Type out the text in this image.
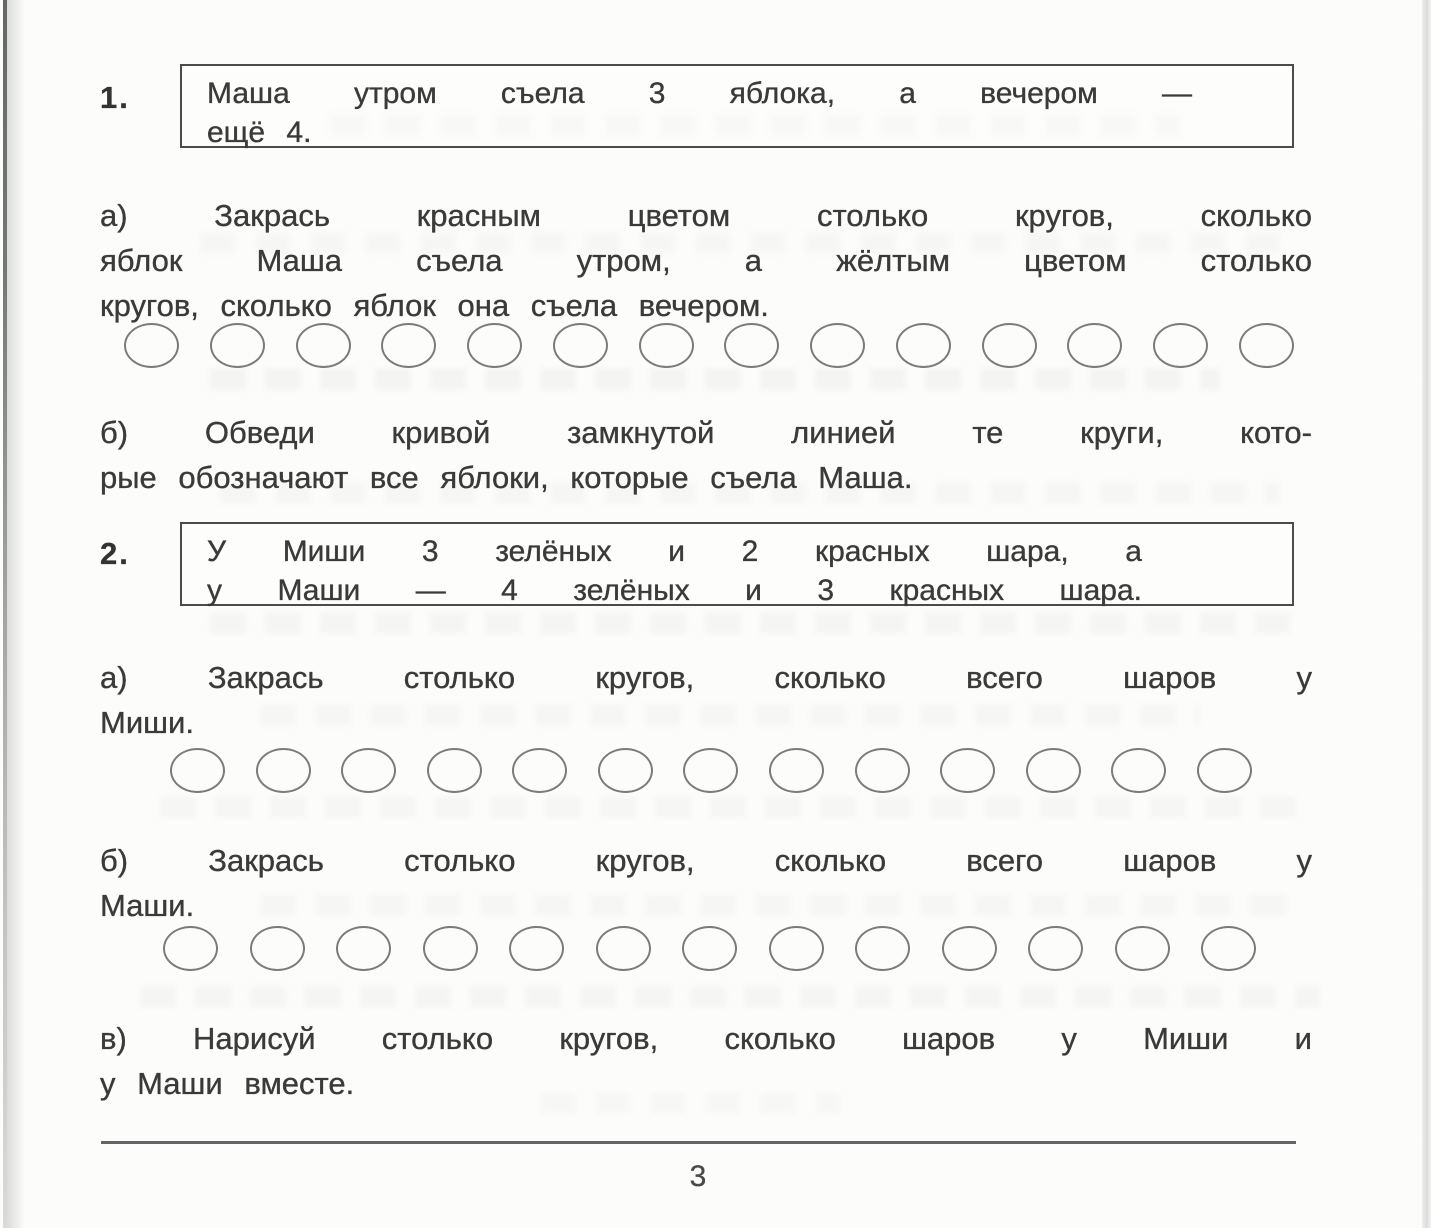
1.	Маша утром съела 3 яблока, а вечером —
ещё 4.
а) Закрась красным цветом столько кругов, сколько
яблок Маша съела утром, а жёлтым цветом столько
кругов, сколько яблок она съела вечером.
б) Обведи кривой замкнутой линией те круги, кото-
рые обозначают все яблоки, которые съела Маша.
2.	У Миши 3 зелёных и 2 красных шара, а
у Маши — 4 зелёных и 3 красных шара.
а) Закрась столько кругов, сколько всего шаров у
Миши.
б) Закрась столько кругов, сколько всего шаров у
Маши.
в) Нарисуй столько кругов, сколько шаров у Миши и
у Маши вместе.
3
